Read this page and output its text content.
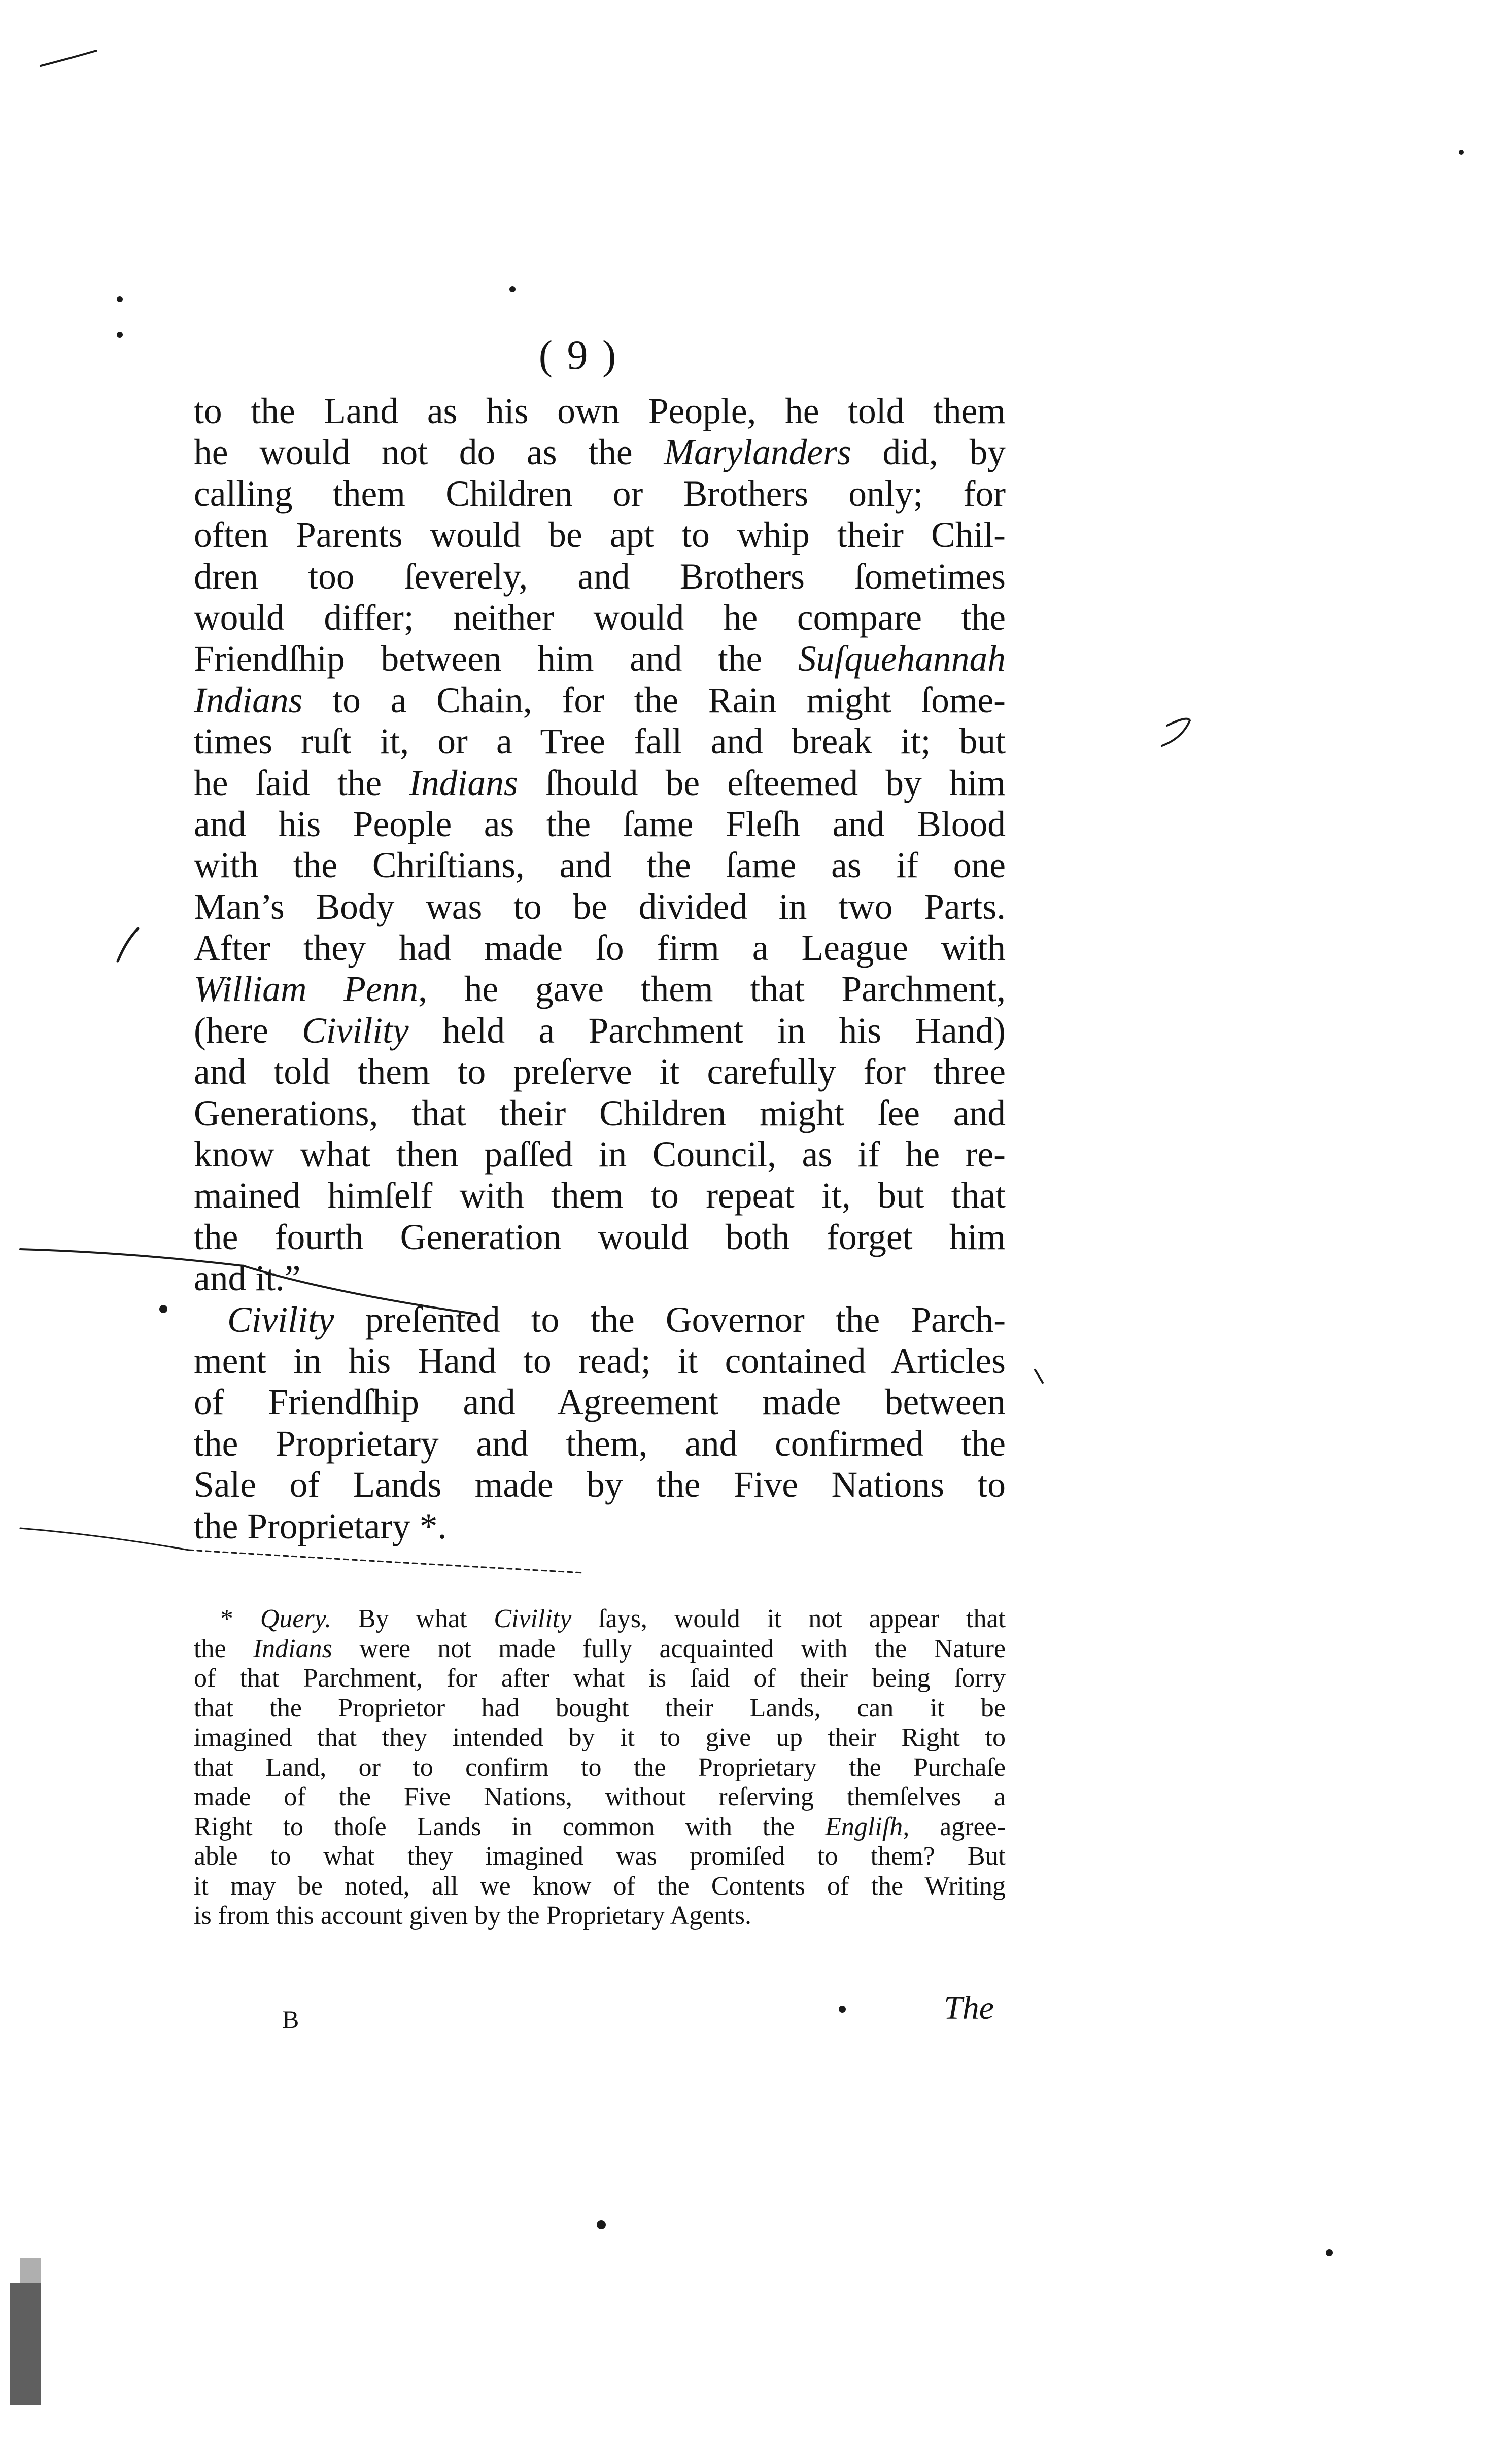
( 9 )
to the Land as his own People, he told them
he would not do as the Marylanders did, by
calling them Children or Brothers only; for
often Parents would be apt to whip their Chil-
dren too ſeverely, and Brothers ſometimes
would differ; neither would he compare the
Friendſhip between him and the Suſquehannah
Indians to a Chain, for the Rain might ſome-
times ruſt it, or a Tree fall and break it; but
he ſaid the Indians ſhould be eſteemed by him
and his People as the ſame Fleſh and Blood
with the Chriſtians, and the ſame as if one
Man’s Body was to be divided in two Parts.
After they had made ſo firm a League with
William Penn, he gave them that Parchment,
(here Civility held a Parchment in his Hand)
and told them to preſerve it carefully for three
Generations, that their Children might ſee and
know what then paſſed in Council, as if he re-
mained himſelf with them to repeat it, but that
the fourth Generation would both forget him
and it.”
Civility preſented to the Governor the Parch-
ment in his Hand to read; it contained Articles
of Friendſhip and Agreement made between
the Proprietary and them, and confirmed the
Sale of Lands made by the Five Nations to
the Proprietary *.
* Query. By what Civility ſays, would it not appear that
the Indians were not made fully acquainted with the Nature
of that Parchment, for after what is ſaid of their being ſorry
that the Proprietor had bought their Lands, can it be
imagined that they intended by it to give up their Right to
that Land, or to confirm to the Proprietary the Purchaſe
made of the Five Nations, without reſerving themſelves a
Right to thoſe Lands in common with the Engliſh, agree-
able to what they imagined was promiſed to them? But
it may be noted, all we know of the Contents of the Writing
is from this account given by the Proprietary Agents.
B	The
